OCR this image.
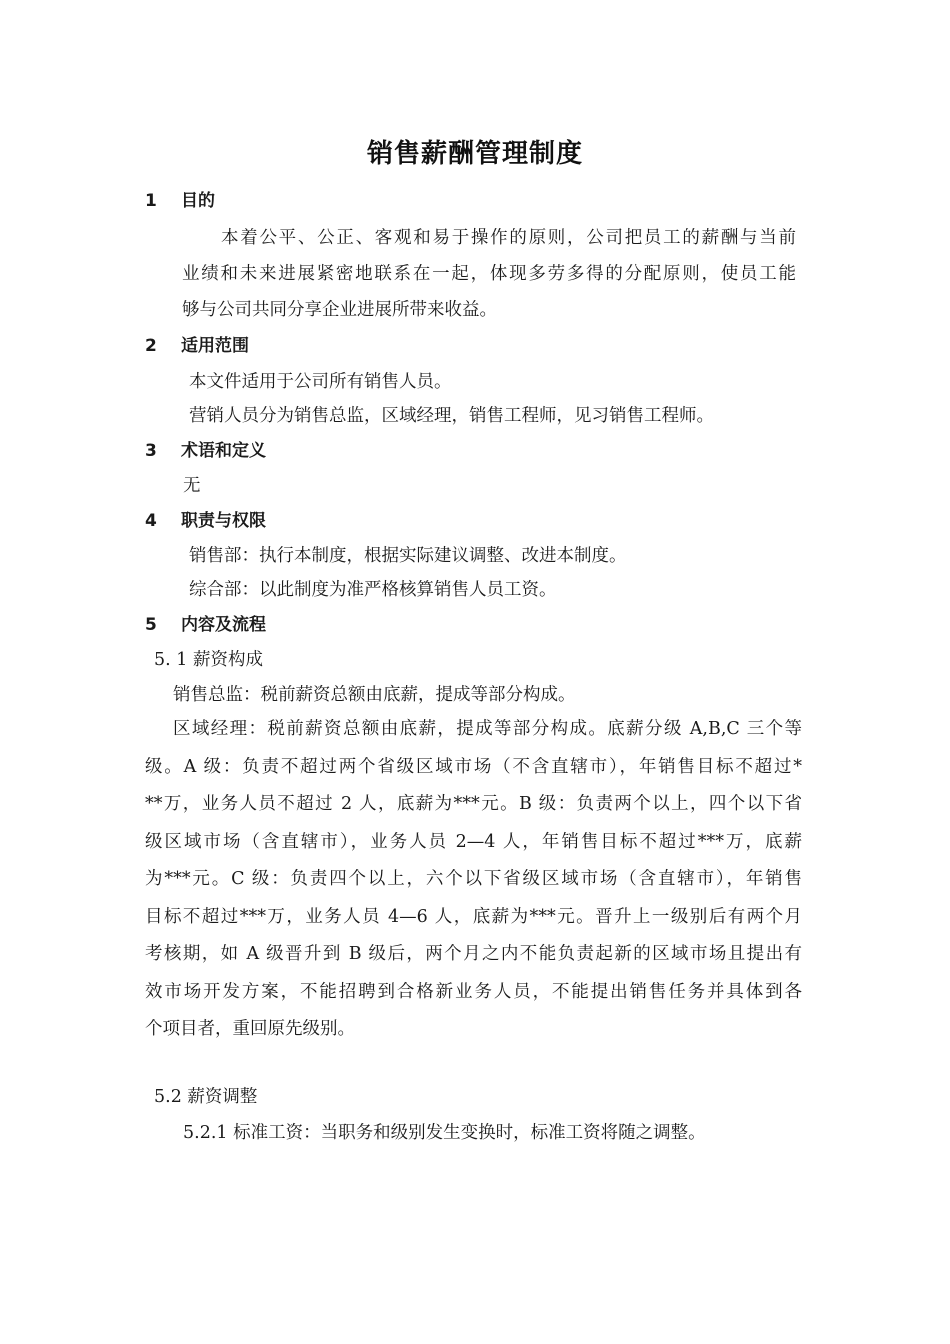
销售薪酬管理制度
1 目的
本着公平、公正、客观和易于操作的原则，公司把员工的薪酬与当前
业绩和未来进展紧密地联系在一起，体现多劳多得的分配原则，使员工能
够与公司共同分享企业进展所带来收益。
2 适用范围
本文件适用于公司所有销售人员。
营销人员分为销售总监，区域经理，销售工程师，见习销售工程师。
3 术语和定义
无
4 职责与权限
销售部：执行本制度，根据实际建议调整、改进本制度。
综合部：以此制度为准严格核算销售人员工资。
5 内容及流程
5. 1 薪资构成
销售总监：税前薪资总额由底薪，提成等部分构成。
区域经理：税前薪资总额由底薪，提成等部分构成。底薪分级 A,B,C 三个等
级。A 级：负责不超过两个省级区域市场（不含直辖市），年销售目标不超过*
**万，业务人员不超过 2 人，底薪为***元。B 级：负责两个以上，四个以下省
级区域市场（含直辖市），业务人员 2—4 人，年销售目标不超过***万，底薪
为***元。C 级：负责四个以上，六个以下省级区域市场（含直辖市），年销售
目标不超过***万，业务人员 4—6 人，底薪为***元。晋升上一级别后有两个月
考核期，如 A 级晋升到 B 级后，两个月之内不能负责起新的区域市场且提出有
效市场开发方案，不能招聘到合格新业务人员，不能提出销售任务并具体到各
个项目者，重回原先级别。
5.2 薪资调整
5.2.1 标准工资：当职务和级别发生变换时，标准工资将随之调整。
